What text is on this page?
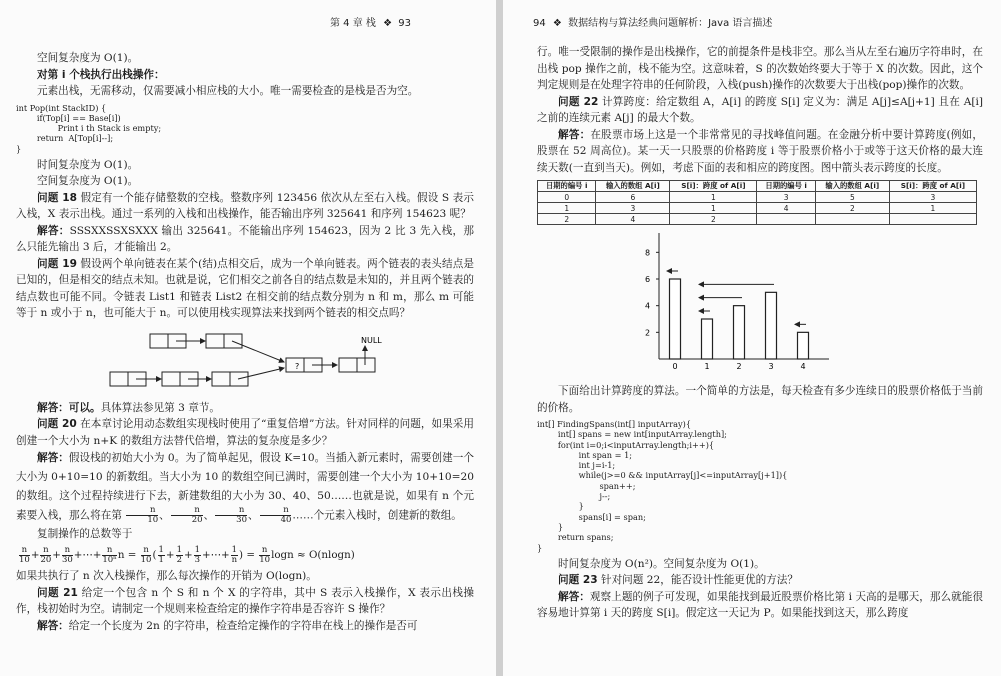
第 4 章 栈 ❖ 93

空间复杂度为 O(1)。

对第 i 个栈执行出栈操作：

元素出栈，无需移动，仅需要减小相应栈的大小。唯一需要检查的是栈是否为空。

int Pop(int StackID) {
if(Top[i] == Base[i])
Print i th Stack is empty;
return  A[Top[i]--];
}

时间复杂度为 O(1)。

空间复杂度为 O(1)。

问题 18 假定有一个能存储整数的空栈。整数序列 123456 依次从左至右入栈。假设 S 表示入栈，X 表示出栈。通过一系列的入栈和出栈操作，能否输出序列 325641 和序列 154623 呢？

解答：SSSXXSSXSXXX 输出 325641。不能输出序列 154623，因为 2 比 3 先入栈，那么只能先输出 3 后，才能输出 2。

问题 19 假设两个单向链表在某个(结)点相交后，成为一个单向链表。两个链表的表头结点是已知的，但是相交的结点未知。也就是说，它们相交之前各自的结点数是未知的，并且两个链表的结点数也可能不同。令链表 List1 和链表 List2 在相交前的结点数分别为 n 和 m，那么 m 可能等于 n 或小于 n，也可能大于 n。可以使用栈实现算法来找到两个链表的相交点吗？

?
NULL

解答：可以。具体算法参见第 3 章节。

问题 20 在本章讨论用动态数组实现栈时使用了“重复倍增”方法。针对同样的问题，如果采用创建一个大小为 n+K 的数组方法替代倍增，算法的复杂度是多少？

解答：假设栈的初始大小为 0。为了简单起见，假设 K=10。当插入新元素时，需要创建一个大小为 0+10=10 的新数组。当大小为 10 的数组空间已满时，需要创建一个大小为 10+10=20 的数组。这个过程持续进行下去，新建数组的大小为 30、40、50……也就是说，如果有 n 个元素要入栈，那么将在第 $\frac{n}{10}$ 、 $\frac{n}{20}$ 、 $\frac{n}{30}$ 、 $\frac{n}{40}$ ……个元素入栈时，创建新的数组。

复制操作的总数等于

$\frac{n}{10} + \frac{n}{20} + \frac{n}{30}$ +⋯+ $\frac{n}{\text{10ⁿ}}$ $n = \frac{n}{10}$ ( $\frac{1}{1} + \frac{1}{2} + \frac{1}{3}$ +⋯+ $\frac{1}{n}$ ) = $\frac{n}{10}$ logn ≈ O(nlogn)

如果共执行了 n 次入栈操作，那么每次操作的开销为 O(logn)。

问题 21 给定一个包含 n 个 S 和 n 个 X 的字符串，其中 S 表示入栈操作，X 表示出栈操作，栈初始时为空。请制定一个规则来检查给定的操作字符串是否容许 S 操作？

解答：给定一个长度为 2n 的字符串，检查给定操作的字符串在栈上的操作是否可

94 ❖ 数据结构与算法经典问题解析：Java 语言描述

行。唯一受限制的操作是出栈操作，它的前提条件是栈非空。那么当从左至右遍历字符串时，在出栈 pop 操作之前，栈不能为空。这意味着，S 的次数始终要大于等于 X 的次数。因此，这个判定规则是在处理字符串的任何阶段，入栈(push)操作的次数要大于出栈(pop)操作的次数。

问题 22 计算跨度：给定数组 A，A[i] 的跨度 S[i] 定义为：满足 A[j]≤A[j+1] 且在 A[i] 之前的连续元素 A[j] 的最大个数。

解答：在股票市场上这是一个非常常见的寻找峰值问题。在金融分析中要计算跨度(例如，股票在 52 周高位)。某一天一只股票的价格跨度 i 等于股票价格小于或等于这天价格的最大连续天数(一直到当天)。例如，考虑下面的表和相应的跨度图。图中箭头表示跨度的长度。

日期的编号 i	输入的数组 A[i]	S[i]：跨度 of A[i]	日期的编号 i	输入的数组 A[i]	S[i]：跨度 of A[i]
0	6	1	3	5	3
1	3	1	4	2	1
2	4	2			
2
4
6
8
0	1	2	3	4

下面给出计算跨度的算法。一个简单的方法是，每天检查有多少连续日的股票价格低于当前的价格。

int[] FindingSpans(int[] inputArray){
int[] spans = new int[inputArray.length];
for(int i=0;i<inputArray.length;i++){
int span = 1;
int j=i-1;
while(j>=0 && inputArray[j]<=inputArray[j+1]){
span++;
j--;
}
spans[i] = span;
}
return spans;
}

时间复杂度为 O(n²)。空间复杂度为 O(1)。

问题 23 针对问题 22，能否设计性能更优的方法？

解答：观察上题的例子可发现，如果能找到最近股票价格比第 i 天高的是哪天，那么就能很容易地计算第 i 天的跨度 S[i]。假定这一天记为 P。如果能找到这天，那么跨度
